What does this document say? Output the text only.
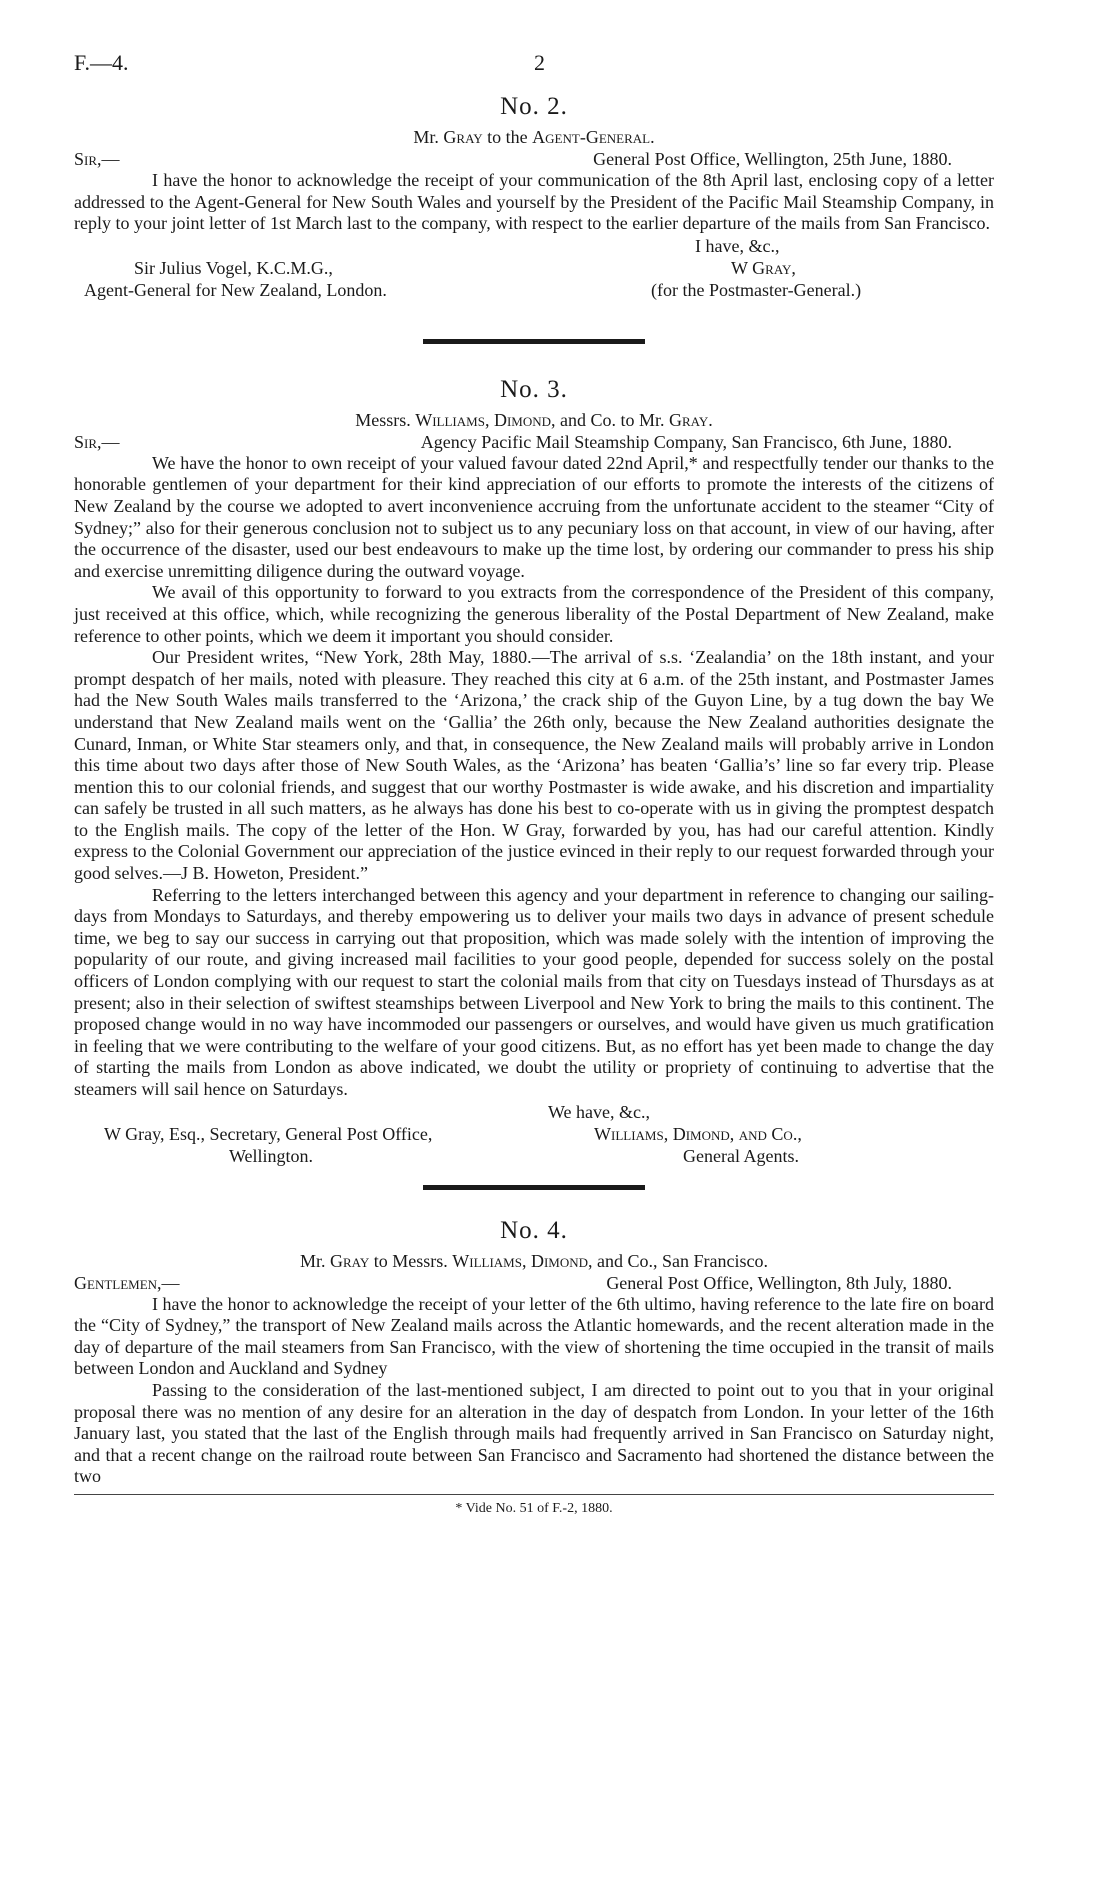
F.—4.	2
No. 2.
Mr. Gray to the Agent-General.
Sir,—	General Post Office, Wellington, 25th June, 1880.

I have the honor to acknowledge the receipt of your communication of the 8th April last, enclosing copy of a letter addressed to the Agent-General for New South Wales and yourself by the President of the Pacific Mail Steamship Company, in reply to your joint letter of 1st March last to the company, with respect to the earlier departure of the mails from San Francisco.

I have, &c.,
Sir Julius Vogel, K.C.M.G.,	W Gray,
Agent-General for New Zealand, London.	(for the Postmaster-General.)
No. 3.
Messrs. Williams, Dimond, and Co. to Mr. Gray.
Sir,—	Agency Pacific Mail Steamship Company, San Francisco, 6th June, 1880.

We have the honor to own receipt of your valued favour dated 22nd April,* and respectfully tender our thanks to the honorable gentlemen of your department for their kind appreciation of our efforts to promote the interests of the citizens of New Zealand by the course we adopted to avert inconvenience accruing from the unfortunate accident to the steamer “City of Sydney;” also for their generous conclusion not to subject us to any pecuniary loss on that account, in view of our having, after the occurrence of the disaster, used our best endeavours to make up the time lost, by ordering our commander to press his ship and exercise unremitting diligence during the outward voyage.

We avail of this opportunity to forward to you extracts from the correspondence of the President of this company, just received at this office, which, while recognizing the generous liberality of the Postal Department of New Zealand, make reference to other points, which we deem it important you should consider.

Our President writes, “New York, 28th May, 1880.—The arrival of s.s. ‘Zealandia’ on the 18th instant, and your prompt despatch of her mails, noted with pleasure. They reached this city at 6 a.m. of the 25th instant, and Postmaster James had the New South Wales mails transferred to the ‘Arizona,’ the crack ship of the Guyon Line, by a tug down the bay We understand that New Zealand mails went on the ‘Gallia’ the 26th only, because the New Zealand authorities designate the Cunard, Inman, or White Star steamers only, and that, in consequence, the New Zealand mails will probably arrive in London this time about two days after those of New South Wales, as the ‘Arizona’ has beaten ‘Gallia’s’ line so far every trip. Please mention this to our colonial friends, and suggest that our worthy Postmaster is wide awake, and his discretion and impartiality can safely be trusted in all such matters, as he always has done his best to co-operate with us in giving the promptest despatch to the English mails. The copy of the letter of the Hon. W Gray, forwarded by you, has had our careful attention. Kindly express to the Colonial Government our appreciation of the justice evinced in their reply to our request forwarded through your good selves.—J B. Howeton, President.”

Referring to the letters interchanged between this agency and your department in reference to changing our sailing-days from Mondays to Saturdays, and thereby empowering us to deliver your mails two days in advance of present schedule time, we beg to say our success in carrying out that proposition, which was made solely with the intention of improving the popularity of our route, and giving increased mail facilities to your good people, depended for success solely on the postal officers of London complying with our request to start the colonial mails from that city on Tuesdays instead of Thursdays as at present; also in their selection of swiftest steamships between Liverpool and New York to bring the mails to this continent. The proposed change would in no way have incommoded our passengers or ourselves, and would have given us much gratification in feeling that we were contributing to the welfare of your good citizens. But, as no effort has yet been made to change the day of starting the mails from London as above indicated, we doubt the utility or propriety of continuing to advertise that the steamers will sail hence on Saturdays.

We have, &c.,
Williams, Dimond, and Co.,
W Gray, Esq., Secretary, General Post Office,
General Agents.
Wellington.
No. 4.
Mr. Gray to Messrs. Williams, Dimond, and Co., San Francisco.
Gentlemen,—	General Post Office, Wellington, 8th July, 1880.

I have the honor to acknowledge the receipt of your letter of the 6th ultimo, having reference to the late fire on board the “City of Sydney,” the transport of New Zealand mails across the Atlantic homewards, and the recent alteration made in the day of departure of the mail steamers from San Francisco, with the view of shortening the time occupied in the transit of mails between London and Auckland and Sydney

Passing to the consideration of the last-mentioned subject, I am directed to point out to you that in your original proposal there was no mention of any desire for an alteration in the day of despatch from London. In your letter of the 16th January last, you stated that the last of the English through mails had frequently arrived in San Francisco on Saturday night, and that a recent change on the railroad route between San Francisco and Sacramento had shortened the distance between the two

* Vide No. 51 of F.-2, 1880.
